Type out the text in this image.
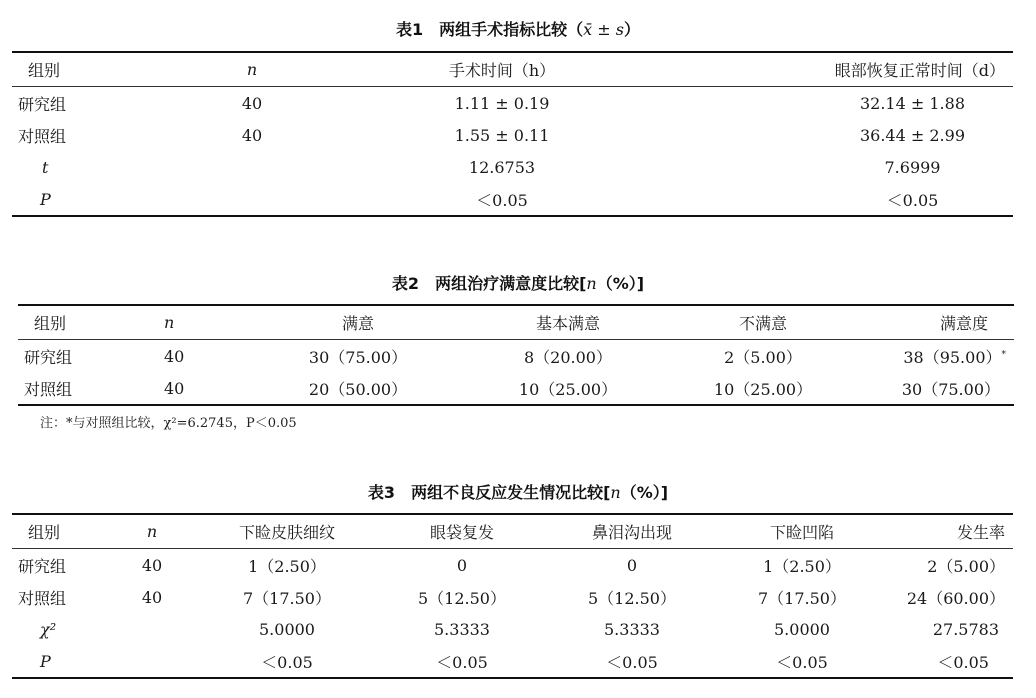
表1 两组手术指标比较（x̄ ± s）
组别	n	手术时间（h）	眼部恢复正常时间（d）
研究组	40	1.11 ± 0.19	32.14 ± 1.88
对照组	40	1.55 ± 0.11	36.44 ± 2.99
t		12.6753	7.6999
P		＜0.05	＜0.05
表2 两组治疗满意度比较[n（%）]
组别	n	满意	基本满意	不满意	满意度
研究组	40	30（75.00）	8（20.00）	2（5.00）	38（95.00）*
对照组	40	20（50.00）	10（25.00）	10（25.00）	30（75.00）
注：*与对照组比较，χ²=6.2745，P＜0.05
表3 两组不良反应发生情况比较[n（%）]
组别	n	下睑皮肤细纹	眼袋复发	鼻泪沟出现	下睑凹陷	发生率
研究组	40	1（2.50）	0	0	1（2.50）	2（5.00）
对照组	40	7（17.50）	5（12.50）	5（12.50）	7（17.50）	24（60.00）
χ²		5.0000	5.3333	5.3333	5.0000	27.5783
P		＜0.05	＜0.05	＜0.05	＜0.05	＜0.05
